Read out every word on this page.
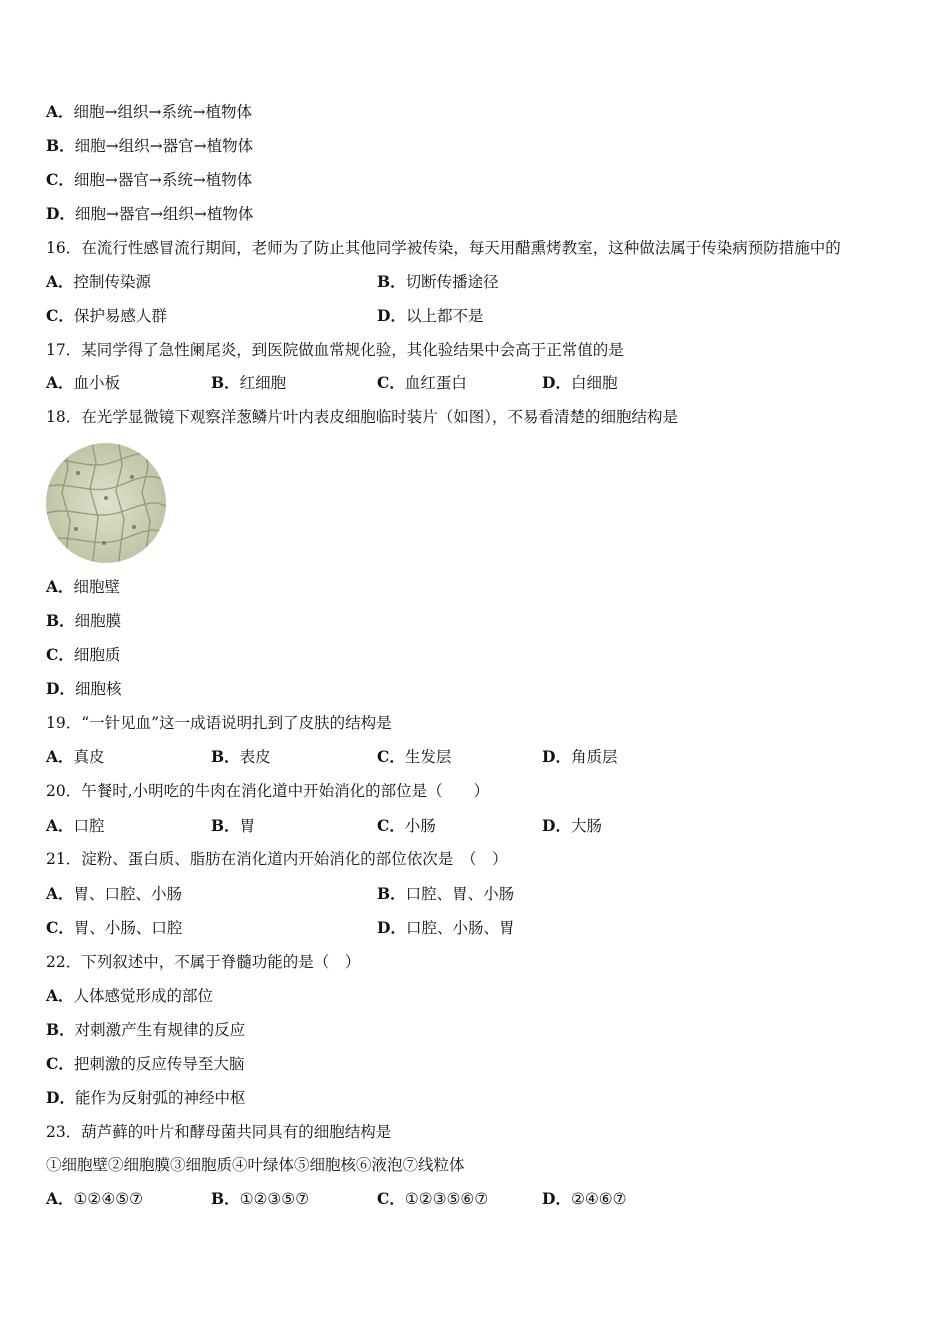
A．细胞→组织→系统→植物体
B．细胞→组织→器官→植物体
C．细胞→器官→系统→植物体
D．细胞→器官→组织→植物体
16．在流行性感冒流行期间，老师为了防止其他同学被传染，每天用醋熏烤教室，这种做法属于传染病预防措施中的
A．控制传染源	B．切断传播途径
C．保护易感人群	D．以上都不是
17．某同学得了急性阑尾炎，到医院做血常规化验，其化验结果中会高于正常值的是
A．血小板	B．红细胞	C．血红蛋白	D．白细胞
18．在光学显微镜下观察洋葱鳞片叶内表皮细胞临时装片（如图），不易看清楚的细胞结构是
A．细胞壁
B．细胞膜
C．细胞质
D．细胞核
19．“一针见血”这一成语说明扎到了皮肤的结构是
A．真皮	B．表皮	C．生发层	D．角质层
20．午餐时,小明吃的牛肉在消化道中开始消化的部位是（　　）
A．口腔	B．胃	C．小肠	D．大肠
21．淀粉、蛋白质、脂肪在消化道内开始消化的部位依次是　（　）
A．胃、口腔、小肠	B．口腔、胃、小肠
C．胃、小肠、口腔	D．口腔、小肠、胃
22．下列叙述中，不属于脊髓功能的是（　）
A．人体感觉形成的部位
B．对刺激产生有规律的反应
C．把刺激的反应传导至大脑
D．能作为反射弧的神经中枢
23．葫芦藓的叶片和酵母菌共同具有的细胞结构是
①细胞壁②细胞膜③细胞质④叶绿体⑤细胞核⑥液泡⑦线粒体
A．①②④⑤⑦	B．①②③⑤⑦	C．①②③⑤⑥⑦	D．②④⑥⑦
